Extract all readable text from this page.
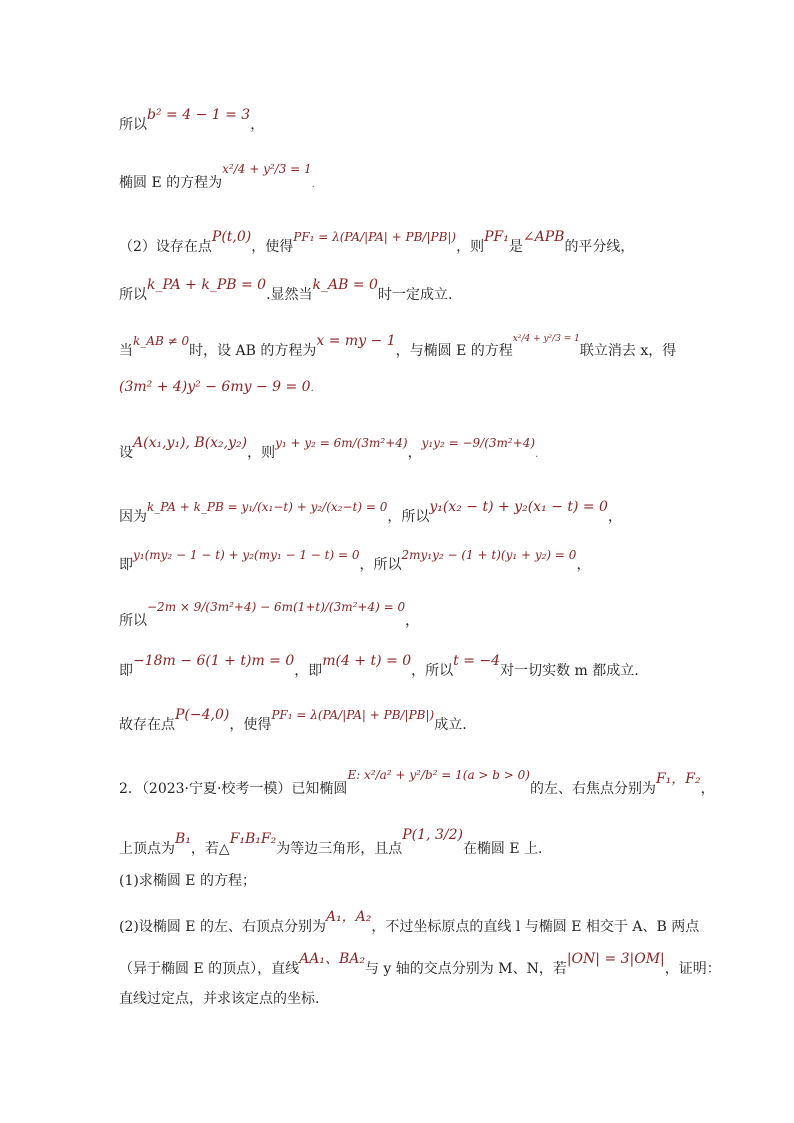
所以b² = 4 − 1 = 3，
椭圆 E 的方程为x²/4 + y²/3 = 1.
（2）设存在点P(t,0)，使得PF₁ = λ(PA/|PA| + PB/|PB|)，则PF₁是∠APB的平分线，
所以k_PA + k_PB = 0.显然当k_AB = 0时一定成立.
当k_AB ≠ 0时，设 AB 的方程为x = my − 1，与椭圆 E 的方程$^{x^2/4 + y^2/3 = 1}$联立消去 x，得
(3m² + 4)y² − 6my − 9 = 0.
设A(x₁,y₁), B(x₂,y₂)，则y₁ + y₂ = 6m/(3m²+4)，y₁y₂ = −9/(3m²+4).
因为k_PA + k_PB = y₁/(x₁−t) + y₂/(x₂−t) = 0，所以y₁(x₂ − t) + y₂(x₁ − t) = 0，
即y₁(my₂ − 1 − t) + y₂(my₁ − 1 − t) = 0，所以2my₁y₂ − (1 + t)(y₁ + y₂) = 0，
所以−2m × 9/(3m²+4) − 6m(1+t)/(3m²+4) = 0，
即−18m − 6(1 + t)m = 0，即m(4 + t) = 0，所以t = −4对一切实数 m 都成立.
故存在点P(−4,0)，使得PF₁ = λ(PA/|PA| + PB/|PB|)成立.
2．（2023·宁夏·校考一模）已知椭圆E: x²/a² + y²/b² = 1(a > b > 0)的左、右焦点分别为F₁，F₂，
上顶点为B₁，若△F₁B₁F₂为等边三角形，且点P(1, 3/2)在椭圆 E 上.
(1)求椭圆 E 的方程；
(2)设椭圆 E 的左、右顶点分别为A₁，A₂，不过坐标原点的直线 l 与椭圆 E 相交于 A、B 两点
（异于椭圆 E 的顶点），直线AA₁、BA₂与 y 轴的交点分别为 M、N，若|ON| = 3|OM|，证明：
直线过定点，并求该定点的坐标.
